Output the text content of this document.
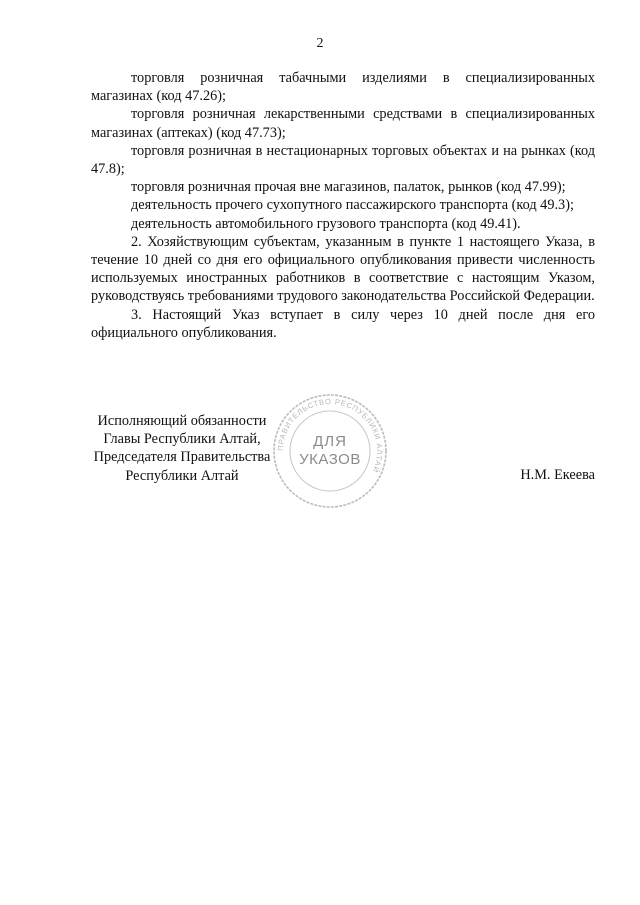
2

торговля розничная табачными изделиями в специализированных магазинах (код 47.26);

торговля розничная лекарственными средствами в специализированных магазинах (аптеках) (код 47.73);

торговля розничная в нестационарных торговых объектах и на рынках (код 47.8);

торговля розничная прочая вне магазинов, палаток, рынков (код 47.99);

деятельность прочего сухопутного пассажирского транспорта (код 49.3);

деятельность автомобильного грузового транспорта (код 49.41).

2. Хозяйствующим субъектам, указанным в пункте 1 настоящего Указа, в течение 10 дней со дня его официального опубликования привести численность используемых иностранных работников в соответствие с настоящим Указом, руководствуясь требованиями трудового законодательства Российской Федерации.

3. Настоящий Указ вступает в силу через 10 дней после дня его официального опубликования.

Исполняющий обязанности
Главы Республики Алтай,
Председателя Правительства
Республики Алтай
ПРАВИТЕЛЬСТВО РЕСПУБЛИКИ АЛТАЙ
ДЛЯ
УКАЗОВ
Н.М. Екеева
